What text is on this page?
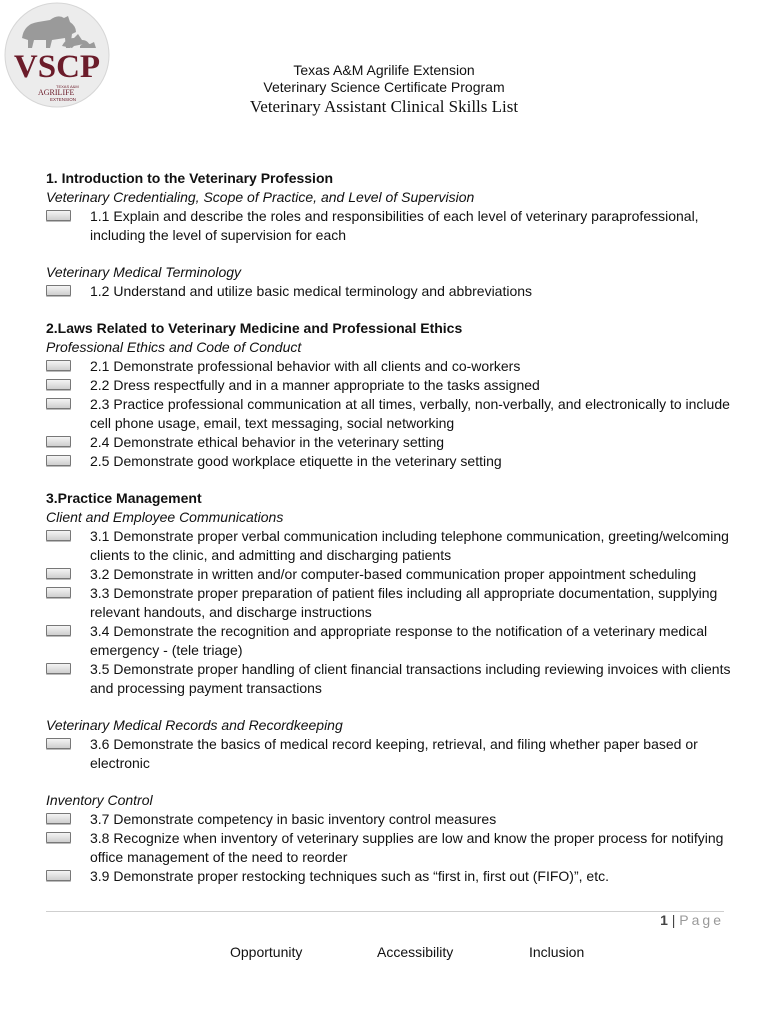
VSCP
TEXAS A&M
AGRILIFE
EXTENSION
Texas A&M Agrilife Extension
Veterinary Science Certificate Program
Veterinary Assistant Clinical Skills List
1. Introduction to the Veterinary Profession
Veterinary Credentialing, Scope of Practice, and Level of Supervision
1.1 Explain and describe the roles and responsibilities of each level of veterinary paraprofessional, including the level of supervision for each
Veterinary Medical Terminology
1.2 Understand and utilize basic medical terminology and abbreviations
2.Laws Related to Veterinary Medicine and Professional Ethics
Professional Ethics and Code of Conduct
2.1 Demonstrate professional behavior with all clients and co-workers
2.2 Dress respectfully and in a manner appropriate to the tasks assigned
2.3 Practice professional communication at all times, verbally, non-verbally, and electronically to include cell phone usage, email, text messaging, social networking
2.4 Demonstrate ethical behavior in the veterinary setting
2.5 Demonstrate good workplace etiquette in the veterinary setting
3.Practice Management
Client and Employee Communications
3.1 Demonstrate proper verbal communication including telephone communication, greeting/welcoming clients to the clinic, and admitting and discharging patients
3.2 Demonstrate in written and/or computer-based communication proper appointment scheduling
3.3 Demonstrate proper preparation of patient files including all appropriate documentation, supplying relevant handouts, and discharge instructions
3.4 Demonstrate the recognition and appropriate response to the notification of a veterinary medical emergency - (tele triage)
3.5 Demonstrate proper handling of client financial transactions including reviewing invoices with clients and processing payment transactions
Veterinary Medical Records and Recordkeeping
3.6 Demonstrate the basics of medical record keeping, retrieval, and filing whether paper based or electronic
Inventory Control
3.7 Demonstrate competency in basic inventory control measures
3.8 Recognize when inventory of veterinary supplies are low and know the proper process for notifying office management of the need to reorder
3.9 Demonstrate proper restocking techniques such as “first in, first out (FIFO)”, etc.
1 | Page
Opportunity	Accessibility	Inclusion
